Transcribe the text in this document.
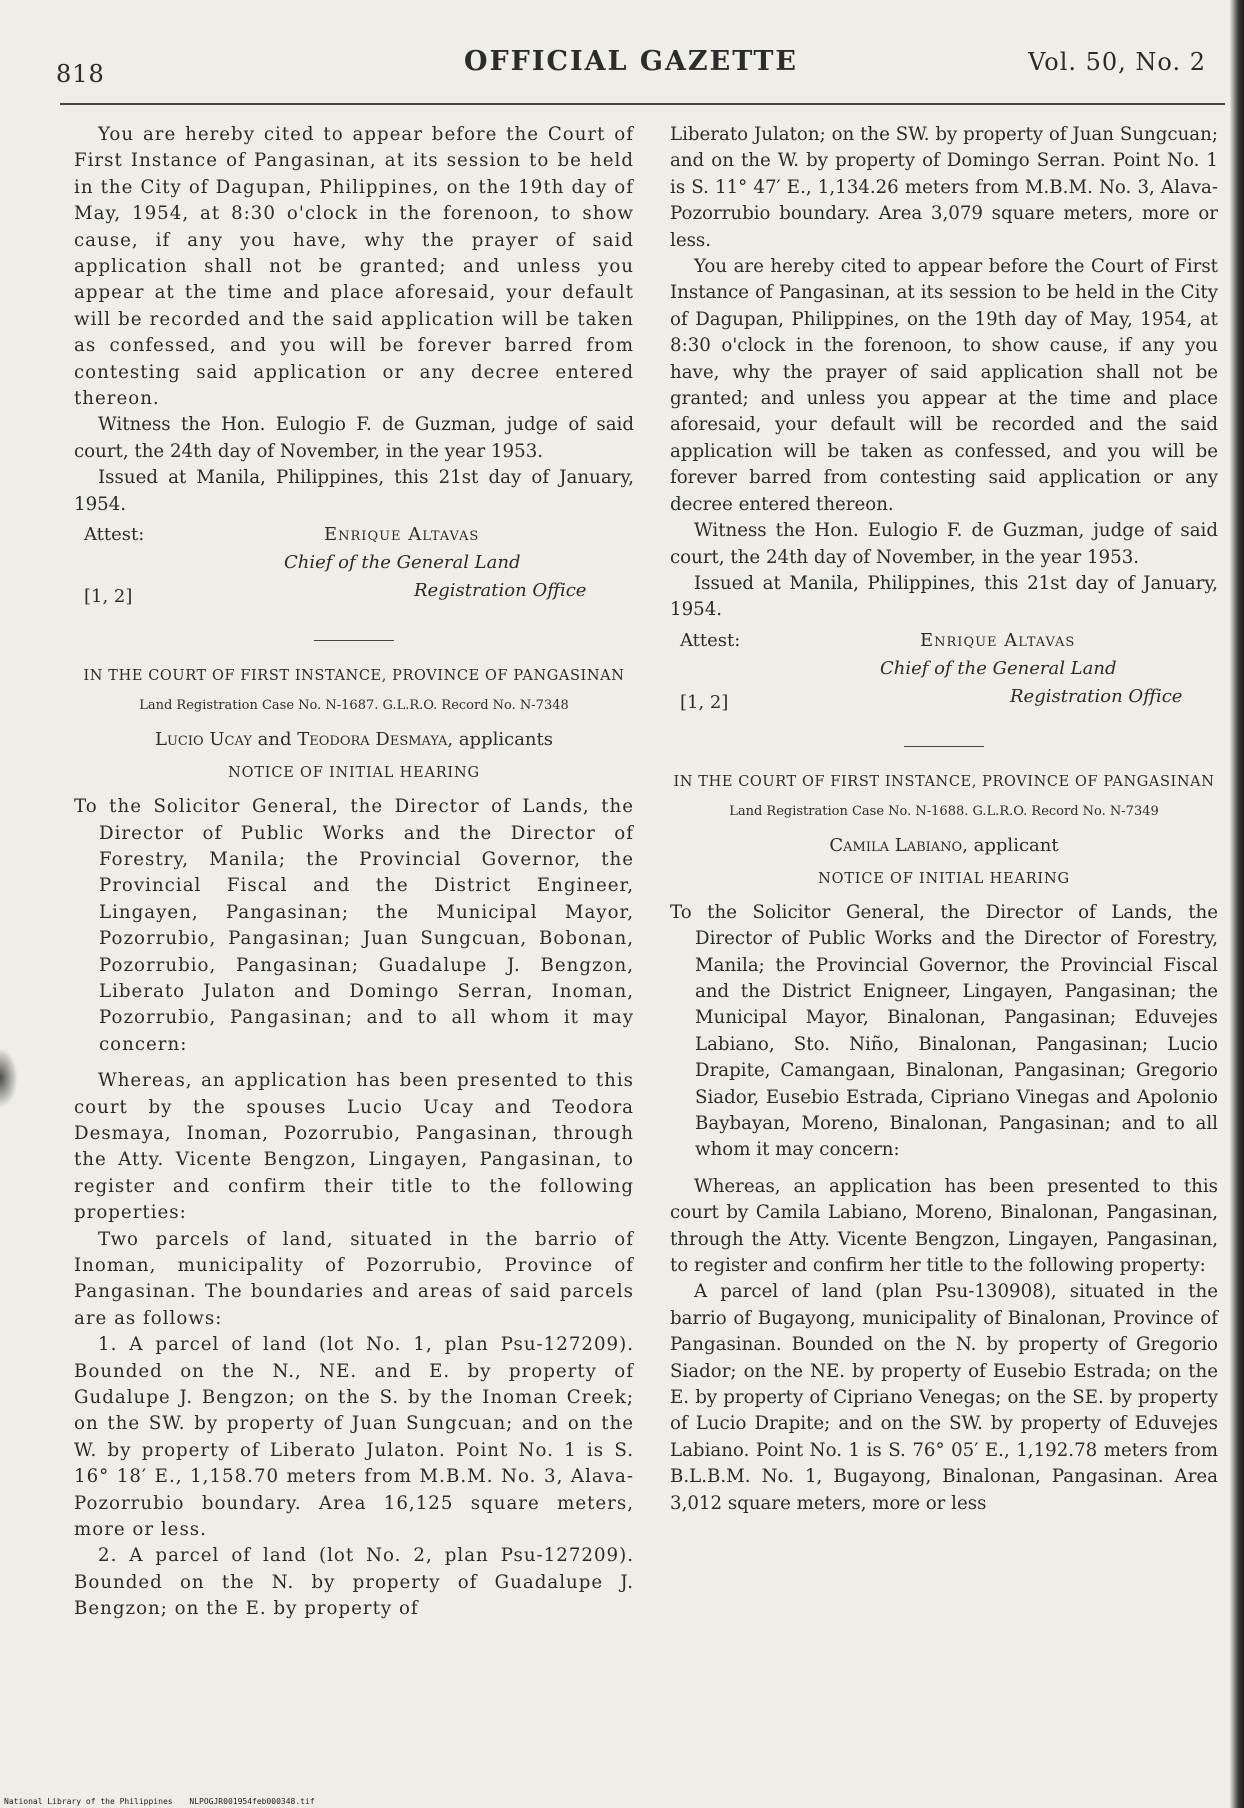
818	OFFICIAL GAZETTE	Vol. 50, No. 2

You are hereby cited to appear before the Court of First Instance of Pangasinan, at its session to be held in the City of Dagupan, Philippines, on the 19th day of May, 1954, at 8:30 o'clock in the forenoon, to show cause, if any you have, why the prayer of said application shall not be granted; and unless you appear at the time and place aforesaid, your default will be recorded and the said application will be taken as confessed, and you will be forever barred from contesting said application or any decree entered thereon.

Witness the Hon. Eulogio F. de Guzman, judge of said court, the 24th day of November, in the year 1953.

Issued at Manila, Philippines, this 21st day of January, 1954.

Attest:	Enrique Altavas
Chief of the General Land
Registration Office
[1, 2]
IN THE COURT OF FIRST INSTANCE, PROVINCE OF PANGASINAN
Land Registration Case No. N-1687. G.L.R.O. Record No. N-7348
Lucio Ucay and Teodora Desmaya, applicants
NOTICE OF INITIAL HEARING

To the Solicitor General, the Director of Lands, the Director of Public Works and the Director of Forestry, Manila; the Provincial Governor, the Provincial Fiscal and the District Engineer, Lingayen, Pangasinan; the Municipal Mayor, Pozorrubio, Pangasinan; Juan Sungcuan, Bobonan, Pozorrubio, Pangasinan; Guadalupe J. Bengzon, Liberato Julaton and Domingo Serran, Inoman, Pozorrubio, Pangasinan; and to all whom it may concern:

Whereas, an application has been presented to this court by the spouses Lucio Ucay and Teodora Desmaya, Inoman, Pozorrubio, Pangasinan, through the Atty. Vicente Bengzon, Lingayen, Pangasinan, to register and confirm their title to the following properties:

Two parcels of land, situated in the barrio of Inoman, municipality of Pozorrubio, Province of Pangasinan. The boundaries and areas of said parcels are as follows:

1. A parcel of land (lot No. 1, plan Psu-127209). Bounded on the N., NE. and E. by property of Gudalupe J. Bengzon; on the S. by the Inoman Creek; on the SW. by property of Juan Sungcuan; and on the W. by property of Liberato Julaton. Point No. 1 is S. 16° 18′ E., 1,158.70 meters from M.B.M. No. 3, Alava-Pozorrubio boundary. Area 16,125 square meters, more or less.

2. A parcel of land (lot No. 2, plan Psu-127209). Bounded on the N. by property of Guadalupe J. Bengzon; on the E. by property of

Liberato Julaton; on the SW. by property of Juan Sungcuan; and on the W. by property of Domingo Serran. Point No. 1 is S. 11° 47′ E., 1,134.26 meters from M.B.M. No. 3, Alava-Pozorrubio boundary. Area 3,079 square meters, more or less.

You are hereby cited to appear before the Court of First Instance of Pangasinan, at its session to be held in the City of Dagupan, Philippines, on the 19th day of May, 1954, at 8:30 o'clock in the forenoon, to show cause, if any you have, why the prayer of said application shall not be granted; and unless you appear at the time and place aforesaid, your default will be recorded and the said application will be taken as confessed, and you will be forever barred from contesting said application or any decree entered thereon.

Witness the Hon. Eulogio F. de Guzman, judge of said court, the 24th day of November, in the year 1953.

Issued at Manila, Philippines, this 21st day of January, 1954.

Attest:	Enrique Altavas
Chief of the General Land
Registration Office
[1, 2]
IN THE COURT OF FIRST INSTANCE, PROVINCE OF PANGASINAN
Land Registration Case No. N-1688. G.L.R.O. Record No. N-7349
Camila Labiano, applicant
NOTICE OF INITIAL HEARING

To the Solicitor General, the Director of Lands, the Director of Public Works and the Director of Forestry, Manila; the Provincial Governor, the Provincial Fiscal and the District Enigneer, Lingayen, Pangasinan; the Municipal Mayor, Binalonan, Pangasinan; Eduvejes Labiano, Sto. Niño, Binalonan, Pangasinan; Lucio Drapite, Camangaan, Binalonan, Pangasinan; Gregorio Siador, Eusebio Estrada, Cipriano Vinegas and Apolonio Baybayan, Moreno, Binalonan, Pangasinan; and to all whom it may concern:

Whereas, an application has been presented to this court by Camila Labiano, Moreno, Binalonan, Pangasinan, through the Atty. Vicente Bengzon, Lingayen, Pangasinan, to register and confirm her title to the following property:

A parcel of land (plan Psu-130908), situated in the barrio of Bugayong, municipality of Binalonan, Province of Pangasinan. Bounded on the N. by property of Gregorio Siador; on the NE. by property of Eusebio Estrada; on the E. by property of Cipriano Venegas; on the SE. by property of Lucio Drapite; and on the SW. by property of Eduvejes Labiano. Point No. 1 is S. 76° 05′ E., 1,192.78 meters from B.L.B.M. No. 1, Bugayong, Binalonan, Pangasinan. Area 3,012 square meters, more or less

National Library of the Philippines NLPOGJR001954feb000348.tif
